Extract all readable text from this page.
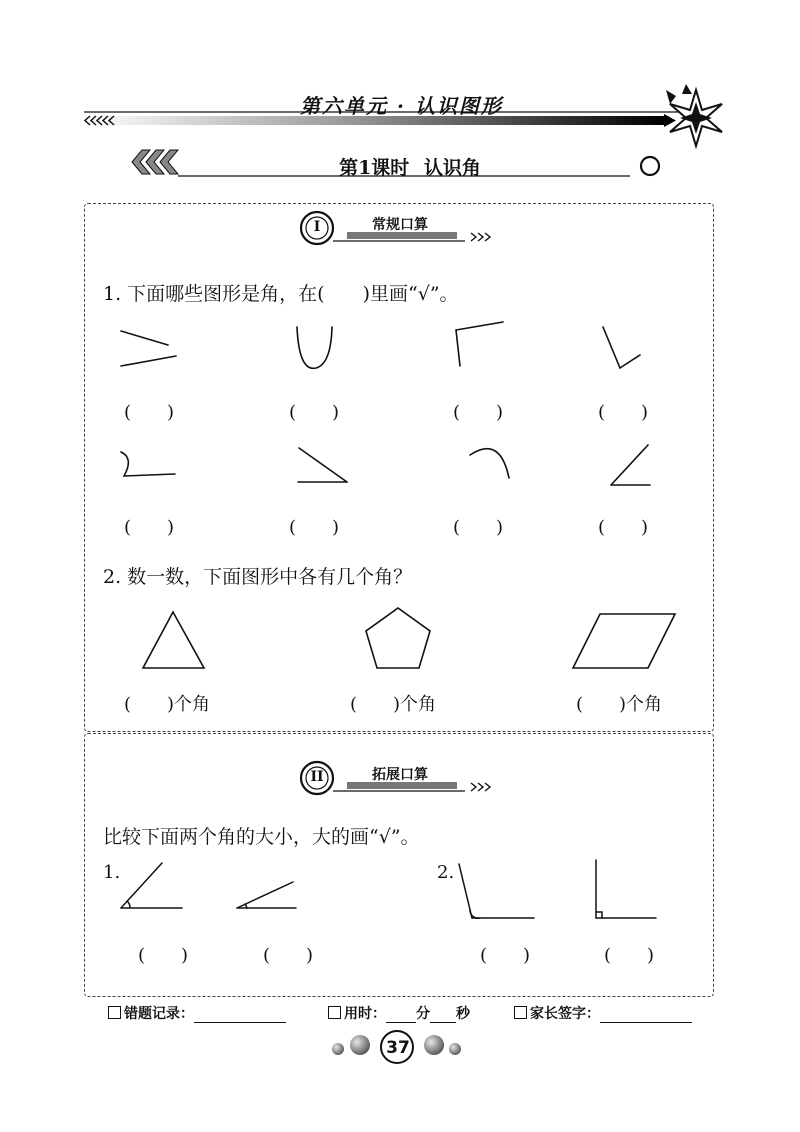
第六单元 · 认识图形
第1课时 认识角
I	常规口算
1. 下面哪些图形是角，在(　　)里画“√”。
(　　)	(　　)	(　　)	(　　)
(　　)	(　　)	(　　)	(　　)
2. 数一数，下面图形中各有几个角？
(　　)个角	(　　)个角	(　　)个角
II	拓展口算
比较下面两个角的大小，大的画“√”。
1.	2.
(　　)	(　　)	(　　)	(　　)
错题记录：	用时： 分 秒	家长签字：
37
